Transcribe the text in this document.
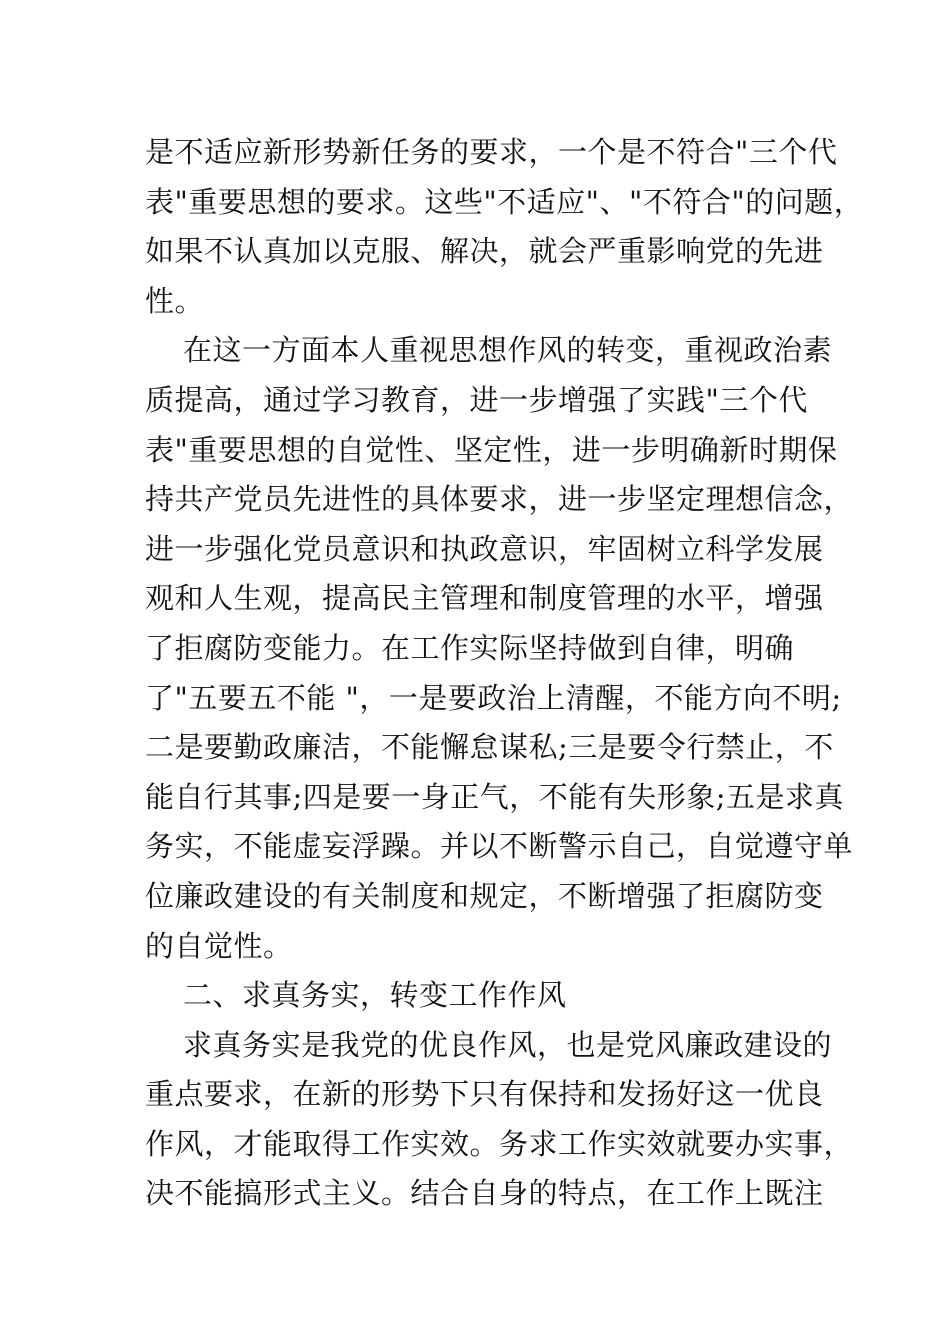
是不适应新形势新任务的要求，一个是不符合"三个代
表"重要思想的要求。这些"不适应"、"不符合"的问题，
如果不认真加以克服、解决，就会严重影响党的先进
性。
在这一方面本人重视思想作风的转变，重视政治素
质提高，通过学习教育，进一步增强了实践"三个代
表"重要思想的自觉性、坚定性，进一步明确新时期保
持共产党员先进性的具体要求，进一步坚定理想信念，
进一步强化党员意识和执政意识，牢固树立科学发展
观和人生观，提高民主管理和制度管理的水平，增强
了拒腐防变能力。在工作实际坚持做到自律，明确
了"五要五不能 "，一是要政治上清醒，不能方向不明;
二是要勤政廉洁，不能懈怠谋私;三是要令行禁止，不
能自行其事;四是要一身正气，不能有失形象;五是求真
务实，不能虚妄浮躁。并以不断警示自己，自觉遵守单
位廉政建设的有关制度和规定，不断增强了拒腐防变
的自觉性。
二、求真务实，转变工作作风
求真务实是我党的优良作风，也是党风廉政建设的
重点要求，在新的形势下只有保持和发扬好这一优良
作风，才能取得工作实效。务求工作实效就要办实事，
决不能搞形式主义。结合自身的特点，在工作上既注
